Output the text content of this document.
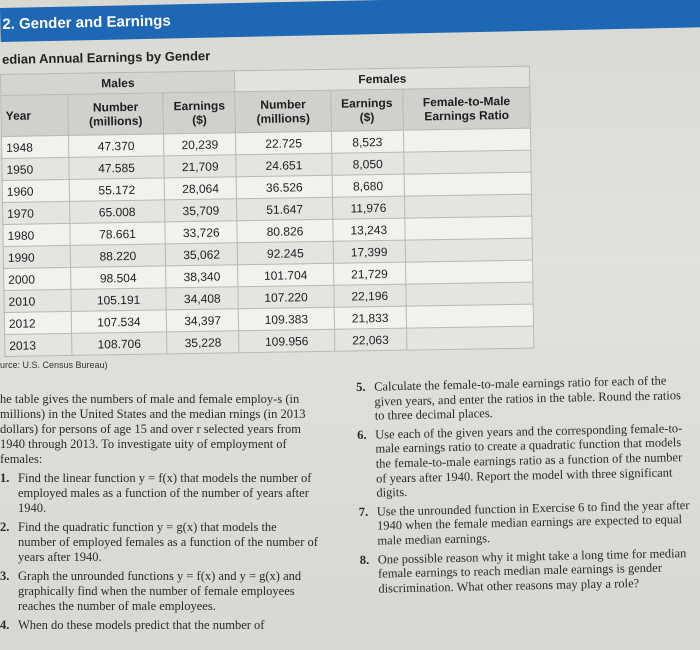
2. Gender and Earnings
edian Annual Earnings by Gender
Males			Females		
Year	Number (millions)	Earnings ($)	Number (millions)	Earnings ($)	Female-to-Male Earnings Ratio
1948	47.370	20,239	22.725	8,523	
1950	47.585	21,709	24.651	8,050	
1960	55.172	28,064	36.526	8,680	
1970	65.008	35,709	51.647	11,976	
1980	78.661	33,726	80.826	13,243	
1990	88.220	35,062	92.245	17,399	
2000	98.504	38,340	101.704	21,729	
2010	105.191	34,408	107.220	22,196	
2012	107.534	34,397	109.383	21,833	
2013	108.706	35,228	109.956	22,063	
urce: U.S. Census Bureau)

he table gives the numbers of male and female employ-s (in millions) in the United States and the median rnings (in 2013 dollars) for persons of age 15 and over r selected years from 1940 through 2013. To investigate uity of employment of females:

1. Find the linear function y = f(x) that models the number of employed males as a function of the number of years after 1940.
2. Find the quadratic function y = g(x) that models the number of employed females as a function of the number of years after 1940.
3. Graph the unrounded functions y = f(x) and y = g(x) and graphically find when the number of female employees reaches the number of male employees.
4. When do these models predict that the number of
5. Calculate the female-to-male earnings ratio for each of the given years, and enter the ratios in the table. Round the ratios to three decimal places.
6. Use each of the given years and the corresponding female-to-male earnings ratio to create a quadratic function that models the female-to-male earnings ratio as a function of the number of years after 1940. Report the model with three significant digits.
7. Use the unrounded function in Exercise 6 to find the year after 1940 when the female median earnings are expected to equal male median earnings.
8. One possible reason why it might take a long time for median female earnings to reach median male earnings is gender discrimination. What other reasons may play a role?
